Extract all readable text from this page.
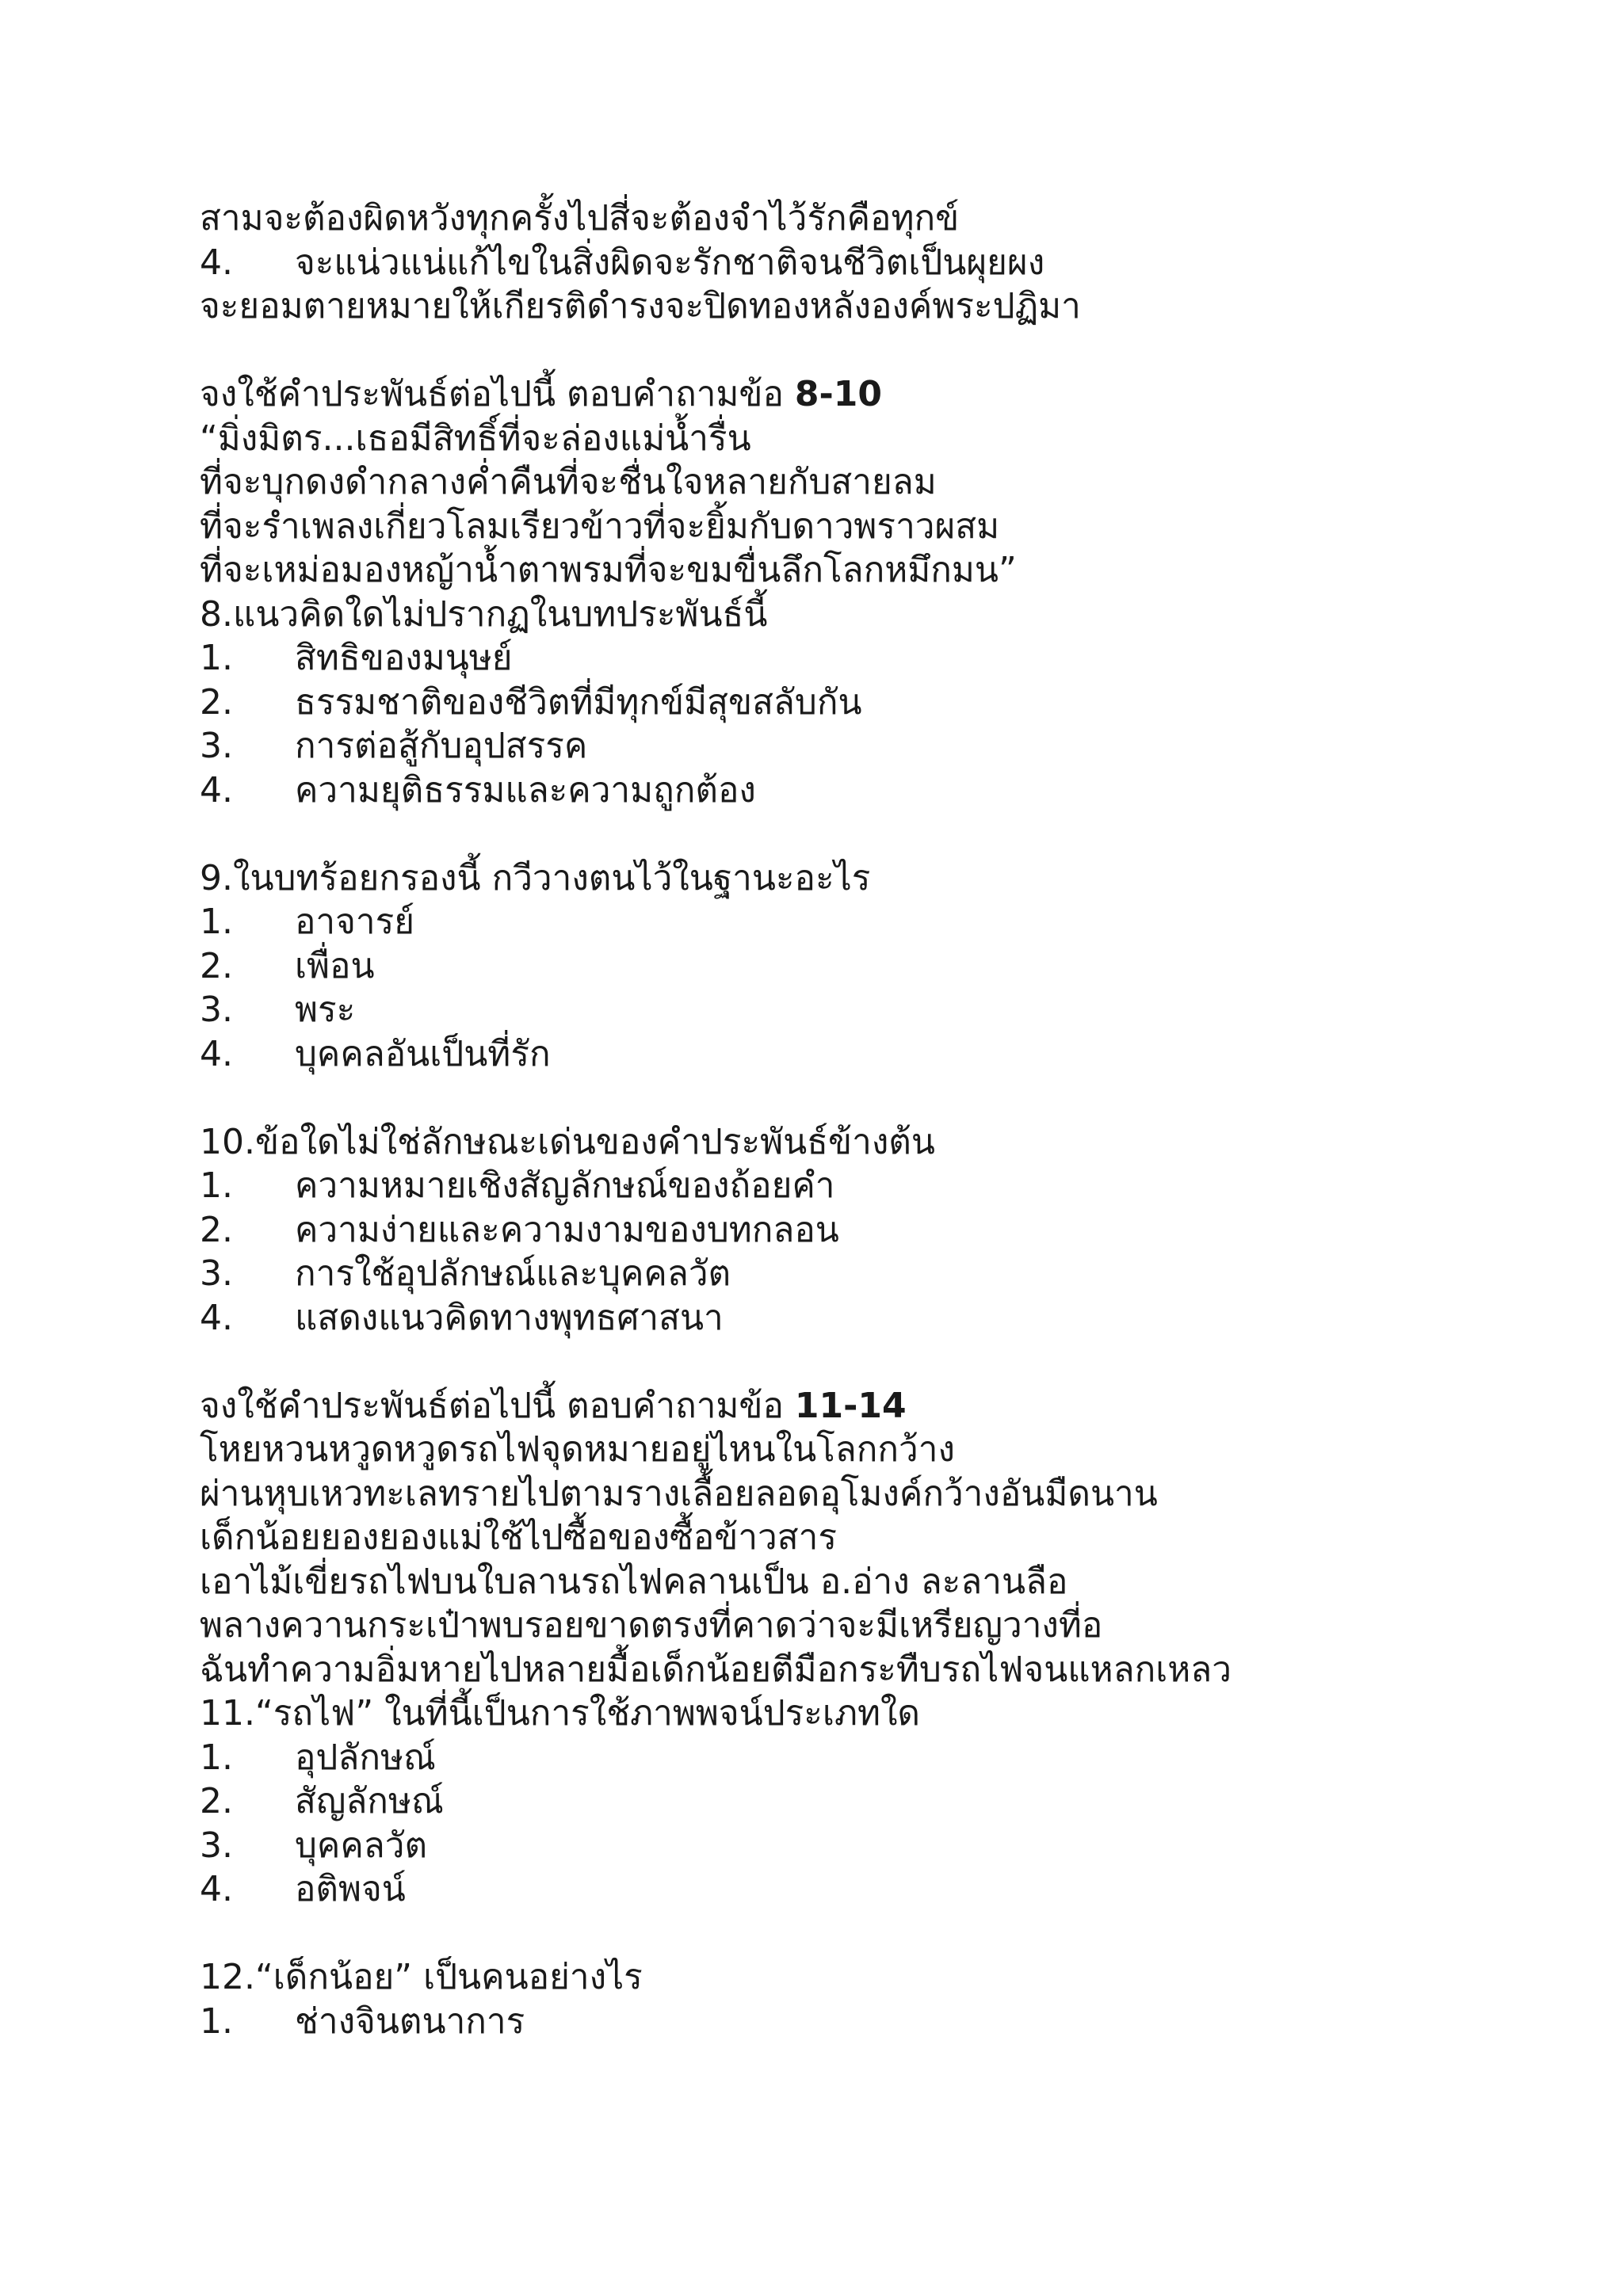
สามจะต้องผิดหวังทุกครั้งไปสี่จะต้องจำไว้รักคือทุกข์
4. จะแน่วแน่แก้ไขในสิ่งผิดจะรักชาติจนชีวิตเป็นผุยผง
จะยอมตายหมายให้เกียรติดำรงจะปิดทองหลังองค์พระปฏิมา
จงใช้คำประพันธ์ต่อไปนี้ ตอบคำถามข้อ 8-10
“มิ่งมิตร...เธอมีสิทธิ์ที่จะล่องแม่น้ำรื่น
ที่จะบุกดงดำกลางค่ำคืนที่จะชื่นใจหลายกับสายลม
ที่จะรำเพลงเกี่ยวโลมเรียวข้าวที่จะยิ้มกับดาวพราวผสม
ที่จะเหม่อมองหญ้าน้ำตาพรมที่จะขมขื่นลึกโลกหมึกมน”
8.แนวคิดใดไม่ปรากฏในบทประพันธ์นี้
1. สิทธิของมนุษย์
2. ธรรมชาติของชีวิตที่มีทุกข์มีสุขสลับกัน
3. การต่อสู้กับอุปสรรค
4. ความยุติธรรมและความถูกต้อง
9.ในบทร้อยกรองนี้ กวีวางตนไว้ในฐานะอะไร
1. อาจารย์
2. เพื่อน
3. พระ
4. บุคคลอันเป็นที่รัก
10.ข้อใดไม่ใช่ลักษณะเด่นของคำประพันธ์ข้างต้น
1. ความหมายเชิงสัญลักษณ์ของถ้อยคำ
2. ความง่ายและความงามของบทกลอน
3. การใช้อุปลักษณ์และบุคคลวัต
4. แสดงแนวคิดทางพุทธศาสนา
จงใช้คำประพันธ์ต่อไปนี้ ตอบคำถามข้อ 11-14
โหยหวนหวูดหวูดรถไฟจุดหมายอยู่ไหนในโลกกว้าง
ผ่านหุบเหวทะเลทรายไปตามรางเลื้อยลอดอุโมงค์กว้างอันมืดนาน
เด็กน้อยยองยองแม่ใช้ไปซื้อของซื้อข้าวสาร
เอาไม้เขี่ยรถไฟบนใบลานรถไฟคลานเป็น อ.อ่าง ละลานลือ
พลางควานกระเป๋าพบรอยขาดตรงที่คาดว่าจะมีเหรียญวางที่อ
ฉันทำความอิ่มหายไปหลายมื้อเด็กน้อยตีมือกระทืบรถไฟจนแหลกเหลว
11.“รถไฟ” ในที่นี้เป็นการใช้ภาพพจน์ประเภทใด
1. อุปลักษณ์
2. สัญลักษณ์
3. บุคคลวัต
4. อติพจน์
12.“เด็กน้อย” เป็นคนอย่างไร
1. ช่างจินตนาการ
